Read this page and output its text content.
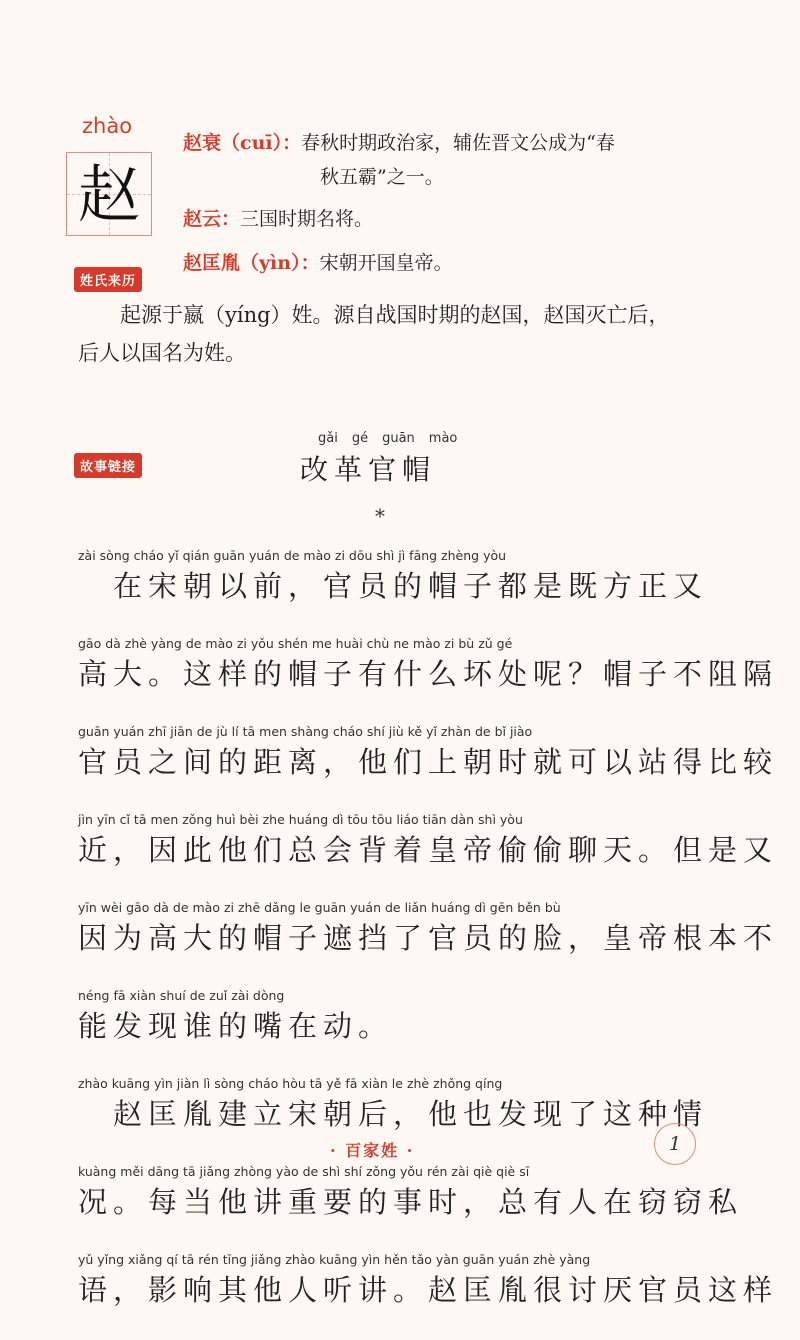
zhào
赵
赵衰（cuī）： 春秋时期政治家，辅佐晋文公成为“春
秋五霸”之一。
赵云： 三国时期名将。
赵匡胤（yìn）： 宋朝开国皇帝。
姓氏来历
起源于嬴（yíng）姓。源自战国时期的赵国，赵国灭亡后，
后人以国名为姓。
故事链接
gǎi gé guān mào
改革官帽
*
zài sòng cháo yǐ qián guān yuán de mào zi dōu shì jì fāng zhèng yòu
　在宋朝以前，官员的帽子都是既方正又
gāo dà zhè yàng de mào zi yǒu shén me huài chù ne mào zi bù zǔ gé
高大。这样的帽子有什么坏处呢？帽子不阻隔
guān yuán zhī jiān de jù lí tā men shàng cháo shí jiù kě yǐ zhàn de bǐ jiào
官员之间的距离，他们上朝时就可以站得比较
jìn yīn cǐ tā men zǒng huì bèi zhe huáng dì tōu tōu liáo tiān dàn shì yòu
近，因此他们总会背着皇帝偷偷聊天。但是又
yīn wèi gāo dà de mào zi zhē dǎng le guān yuán de liǎn huáng dì gēn běn bù
因为高大的帽子遮挡了官员的脸，皇帝根本不
néng fā xiàn shuí de zuǐ zài dòng
能发现谁的嘴在动。
zhào kuāng yìn jiàn lì sòng cháo hòu tā yě fā xiàn le zhè zhǒng qíng
　赵匡胤建立宋朝后，他也发现了这种情
kuàng měi dāng tā jiǎng zhòng yào de shì shí zǒng yǒu rén zài qiè qiè sī
况。每当他讲重要的事时，总有人在窃窃私
yǔ yǐng xiǎng qí tā rén tīng jiǎng zhào kuāng yìn hěn tǎo yàn guān yuán zhè yàng
语，影响其他人听讲。赵匡胤很讨厌官员这样
· 百家姓 ·	1
